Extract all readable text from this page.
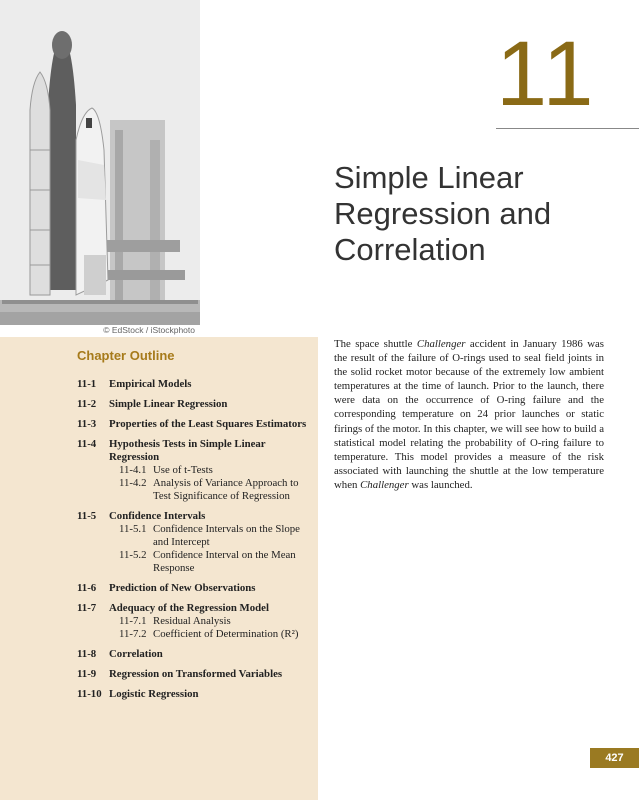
© EdStock / iStockphoto
11
Simple Linear
Regression and
Correlation
The space shuttle Challenger accident in January 1986 was the result of the failure of O-rings used to seal field joints in the solid rocket motor because of the extremely low ambient temperatures at the time of launch. Prior to the launch, there were data on the occurrence of O-ring failure and the corresponding temperature on 24 prior launches or static firings of the motor. In this chapter, we will see how to build a statistical model relating the probability of O-ring failure to temperature. This model provides a measure of the risk associated with launching the shuttle at the low temperature when Challenger was launched.
Chapter Outline
11-1	Empirical Models
11-2	Simple Linear Regression
11-3	Properties of the Least Squares Estimators
11-4	Hypothesis Tests in Simple Linear Regression
11-4.1 Use of t-Tests
11-4.2 Analysis of Variance Approach to Test Significance of Regression
11-5	Confidence Intervals
11-5.1 Confidence Intervals on the Slope and Intercept
11-5.2 Confidence Interval on the Mean Response
11-6	Prediction of New Observations
11-7	Adequacy of the Regression Model
11-7.1 Residual Analysis
11-7.2 Coefficient of Determination (R²)
11-8	Correlation
11-9	Regression on Transformed Variables
11-10 Logistic Regression
427
